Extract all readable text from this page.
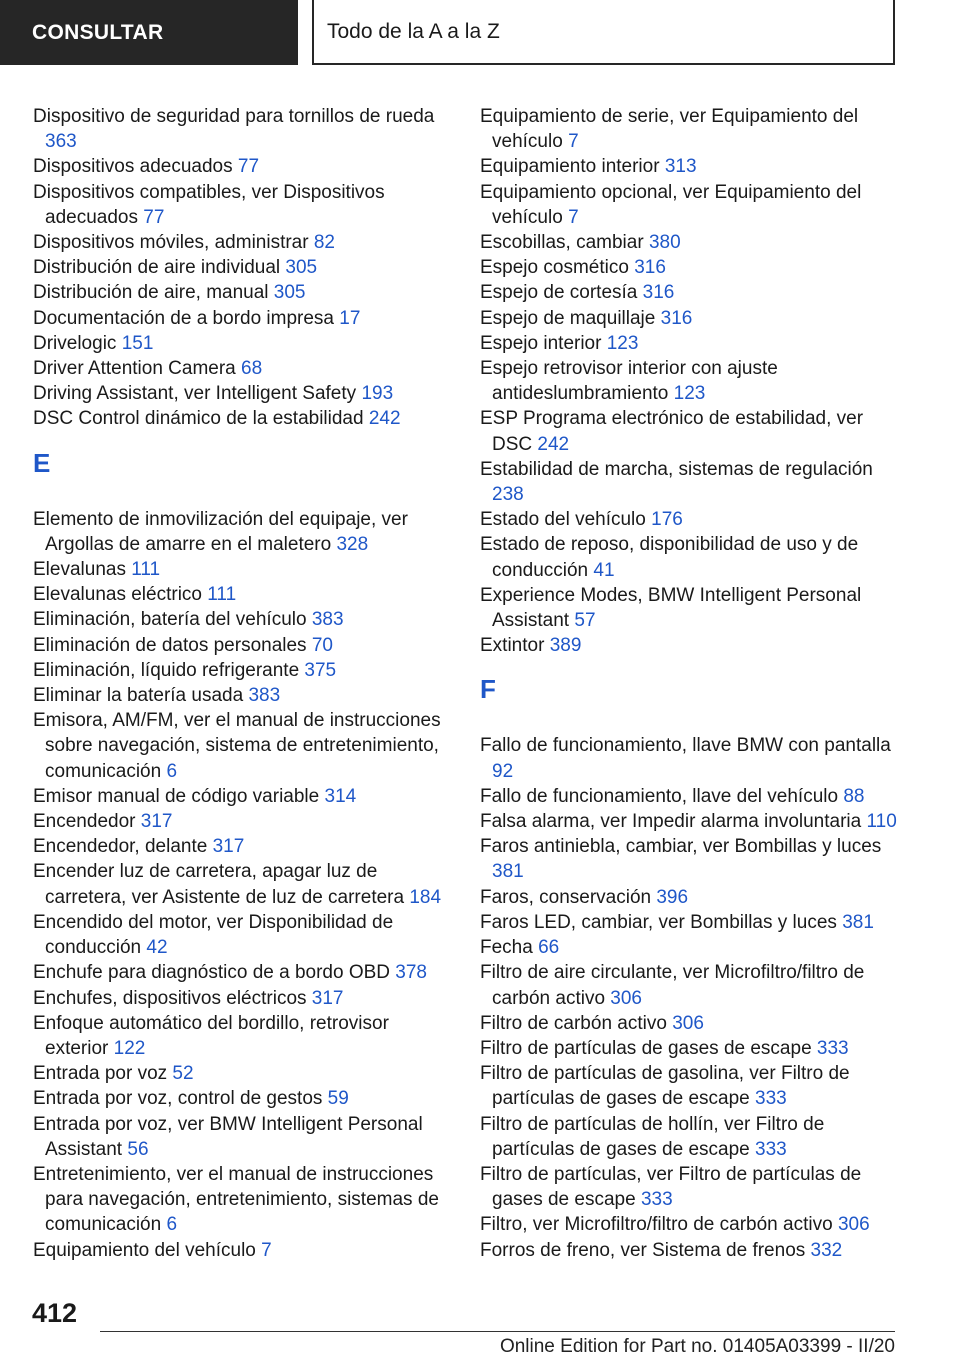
CONSULTAR	Todo de la A a la Z
Dispositivo de seguridad para tornillos de rueda 363
Dispositivos adecuados 77
Dispositivos compatibles, ver Dispositivos adecuados 77
Dispositivos móviles, administrar 82
Distribución de aire individual 305
Distribución de aire, manual 305
Documentación de a bordo impresa 17
Drivelogic 151
Driver Attention Camera 68
Driving Assistant, ver Intelligent Safety 193
DSC Control dinámico de la estabilidad 242
E
Elemento de inmovilización del equipaje, ver Argollas de amarre en el maletero 328
Elevalunas 111
Elevalunas eléctrico 111
Eliminación, batería del vehículo 383
Eliminación de datos personales 70
Eliminación, líquido refrigerante 375
Eliminar la batería usada 383
Emisora, AM/FM, ver el manual de instrucciones sobre navegación, sistema de entretenimiento, comunicación 6
Emisor manual de código variable 314
Encendedor 317
Encendedor, delante 317
Encender luz de carretera, apagar luz de carretera, ver Asistente de luz de carretera 184
Encendido del motor, ver Disponibilidad de conducción 42
Enchufe para diagnóstico de a bordo OBD 378
Enchufes, dispositivos eléctricos 317
Enfoque automático del bordillo, retrovisor exterior 122
Entrada por voz 52
Entrada por voz, control de gestos 59
Entrada por voz, ver BMW Intelligent Personal Assistant 56
Entretenimiento, ver el manual de instrucciones para navegación, entretenimiento, sistemas de comunicación 6
Equipamiento del vehículo 7
Equipamiento de serie, ver Equipamiento del vehículo 7
Equipamiento interior 313
Equipamiento opcional, ver Equipamiento del vehículo 7
Escobillas, cambiar 380
Espejo cosmético 316
Espejo de cortesía 316
Espejo de maquillaje 316
Espejo interior 123
Espejo retrovisor interior con ajuste antideslumbramiento 123
ESP Programa electrónico de estabilidad, ver DSC 242
Estabilidad de marcha, sistemas de regulación 238
Estado del vehículo 176
Estado de reposo, disponibilidad de uso y de conducción 41
Experience Modes, BMW Intelligent Personal Assistant 57
Extintor 389
F
Fallo de funcionamiento, llave BMW con pantalla 92
Fallo de funcionamiento, llave del vehículo 88
Falsa alarma, ver Impedir alarma involuntaria 110
Faros antiniebla, cambiar, ver Bombillas y luces 381
Faros, conservación 396
Faros LED, cambiar, ver Bombillas y luces 381
Fecha 66
Filtro de aire circulante, ver Microfiltro/filtro de carbón activo 306
Filtro de carbón activo 306
Filtro de partículas de gases de escape 333
Filtro de partículas de gasolina, ver Filtro de partículas de gases de escape 333
Filtro de partículas de hollín, ver Filtro de partículas de gases de escape 333
Filtro de partículas, ver Filtro de partículas de gases de escape 333
Filtro, ver Microfiltro/filtro de carbón activo 306
Forros de freno, ver Sistema de frenos 332
412
Online Edition for Part no. 01405A03399 - II/20
